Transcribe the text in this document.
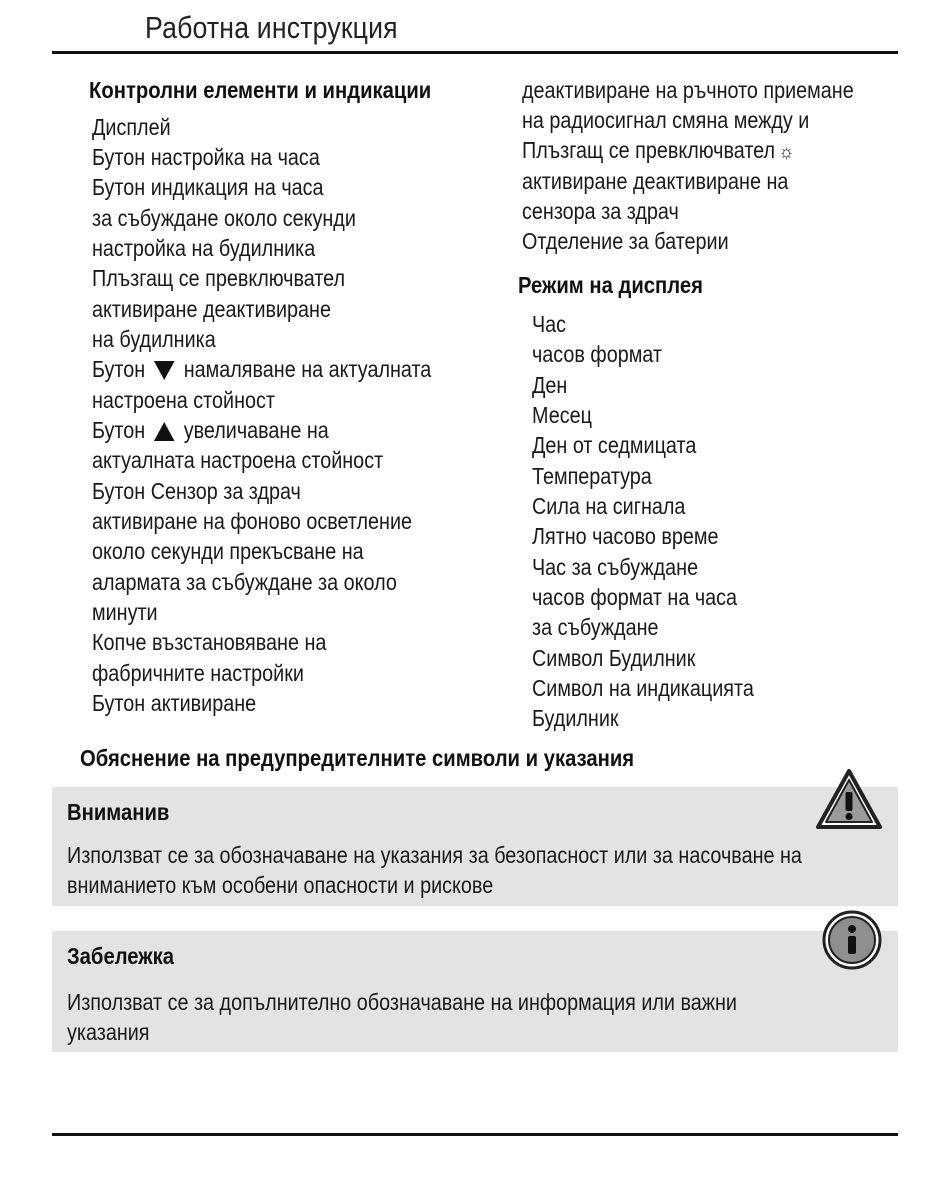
Работна инструкция
Контролни елементи и индикации
Дисплей
Бутон настройка на часа
Бутон индикация на часа
за събуждане около секунди
настройка на будилника
Плъзгащ се превключвател
активиране деактивиране
на будилника
Бутон намаляване на актуалната
настроена стойност
Бутон увеличаване на
актуалната настроена стойност
Бутон Сензор за здрач
активиране на фоново осветление
около секунди прекъсване на
алармата за събуждане за около
минути
Копче възстановяване на
фабричните настройки
Бутон активиране
деактивиране на ръчното приемане
на радиосигнал смяна между и
Плъзгащ се превключвател ☼
активиране деактивиране на
сензора за здрач
Отделение за батерии
Режим на дисплея
Час
часов формат
Ден
Месец
Ден от седмицата
Температура
Сила на сигнала
Лятно часово време
Час за събуждане
часов формат на часа
за събуждане
Символ Будилник
Символ на индикацията
Будилник
Обяснение на предупредителните символи и указания
Вниманив
Използват се за обозначаване на указания за безопасност или за насочване на
вниманието към особени опасности и рискове
Забележка
Използват се за допълнително обозначаване на информация или важни
указания
